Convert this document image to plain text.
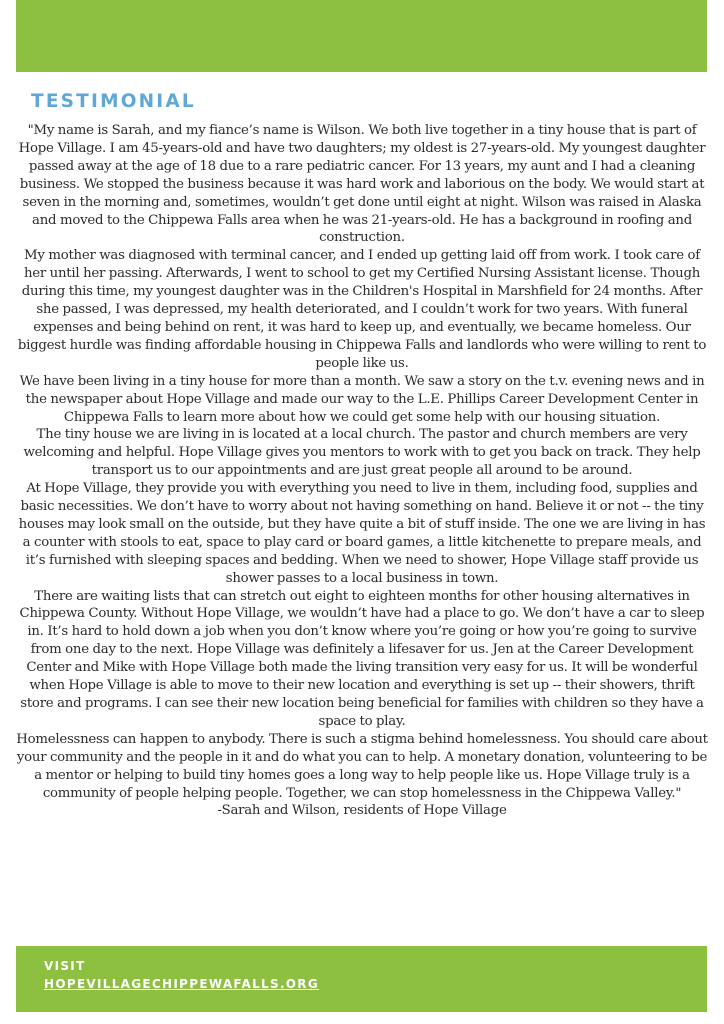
TESTIMONIAL

"My name is Sarah, and my fiance’s name is Wilson. We both live together in a tiny house that is part of Hope Village. I am 45-years-old and have two daughters; my oldest is 27-years-old. My youngest daughter passed away at the age of 18 due to a rare pediatric cancer. For 13 years, my aunt and I had a cleaning business. We stopped the business because it was hard work and laborious on the body. We would start at seven in the morning and, sometimes, wouldn’t get done until eight at night. Wilson was raised in Alaska and moved to the Chippewa Falls area when he was 21-years-old. He has a background in roofing and construction.

My mother was diagnosed with terminal cancer, and I ended up getting laid off from work. I took care of her until her passing. Afterwards, I went to school to get my Certified Nursing Assistant license. Though during this time, my youngest daughter was in the Children's Hospital in Marshfield for 24 months. After she passed, I was depressed, my health deteriorated, and I couldn’t work for two years. With funeral expenses and being behind on rent, it was hard to keep up, and eventually, we became homeless. Our biggest hurdle was finding affordable housing in Chippewa Falls and landlords who were willing to rent to people like us.

We have been living in a tiny house for more than a month. We saw a story on the t.v. evening news and in the newspaper about Hope Village and made our way to the L.E. Phillips Career Development Center in Chippewa Falls to learn more about how we could get some help with our housing situation.

The tiny house we are living in is located at a local church. The pastor and church members are very welcoming and helpful. Hope Village gives you mentors to work with to get you back on track. They help transport us to our appointments and are just great people all around to be around.

At Hope Village, they provide you with everything you need to live in them, including food, supplies and basic necessities. We don’t have to worry about not having something on hand. Believe it or not -- the tiny houses may look small on the outside, but they have quite a bit of stuff inside. The one we are living in has a counter with stools to eat, space to play card or board games, a little kitchenette to prepare meals, and it’s furnished with sleeping spaces and bedding. When we need to shower, Hope Village staff provide us shower passes to a local business in town.

There are waiting lists that can stretch out eight to eighteen months for other housing alternatives in Chippewa County. Without Hope Village, we wouldn’t have had a place to go. We don’t have a car to sleep in. It’s hard to hold down a job when you don’t know where you’re going or how you’re going to survive from one day to the next. Hope Village was definitely a lifesaver for us. Jen at the Career Development Center and Mike with Hope Village both made the living transition very easy for us. It will be wonderful when Hope Village is able to move to their new location and everything is set up -- their showers, thrift store and programs. I can see their new location being beneficial for families with children so they have a space to play.

Homelessness can happen to anybody. There is such a stigma behind homelessness. You should care about your community and the people in it and do what you can to help. A monetary donation, volunteering to be a mentor or helping to build tiny homes goes a long way to help people like us. Hope Village truly is a community of people helping people. Together, we can stop homelessness in the Chippewa Valley."

-Sarah and Wilson, residents of Hope Village

VISIT
HOPEVILLAGECHIPPEWAFALLS.ORG
